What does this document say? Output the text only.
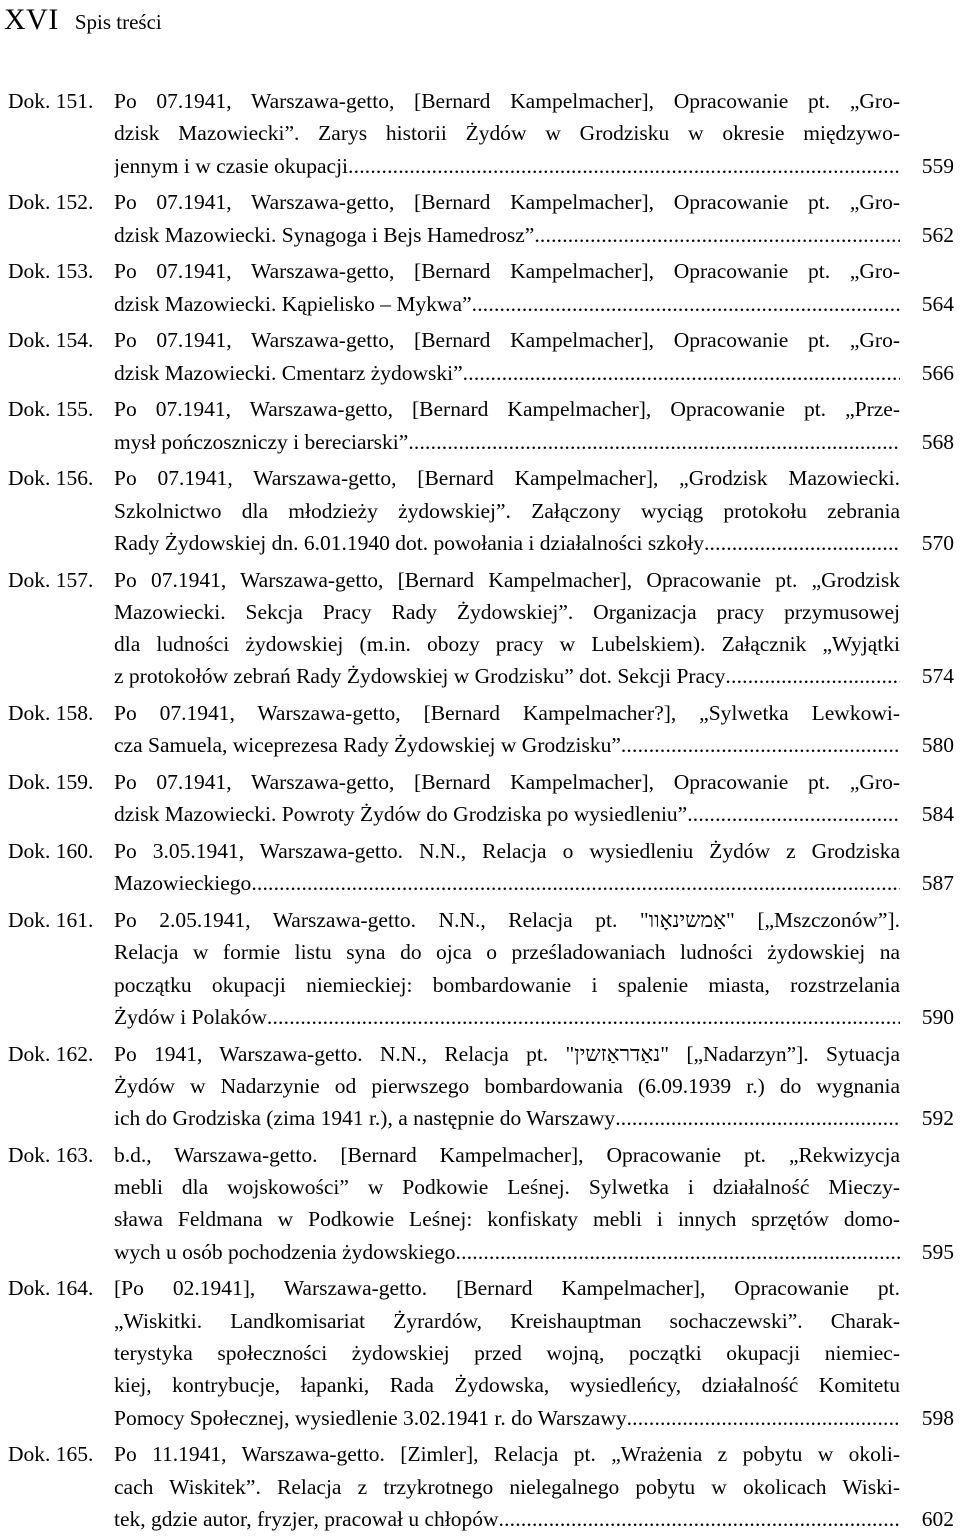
XVI Spis treści
Dok. 151. Po 07.1941, Warszawa-getto, [Bernard Kampelmacher], Opracowanie pt. „Gro-
dzisk Mazowiecki”. Zarys historii Żydów w Grodzisku w okresie międzywo-
jennym i w czasie okupacji .....	559
Dok. 152. Po 07.1941, Warszawa-getto, [Bernard Kampelmacher], Opracowanie pt. „Gro-
dzisk Mazowiecki. Synagoga i Bejs Hamedrosz” .....	562
Dok. 153. Po 07.1941, Warszawa-getto, [Bernard Kampelmacher], Opracowanie pt. „Gro-
dzisk Mazowiecki. Kąpielisko – Mykwa” .....	564
Dok. 154. Po 07.1941, Warszawa-getto, [Bernard Kampelmacher], Opracowanie pt. „Gro-
dzisk Mazowiecki. Cmentarz żydowski” .....	566
Dok. 155. Po 07.1941, Warszawa-getto, [Bernard Kampelmacher], Opracowanie pt. „Prze-
mysł pończoszniczy i bereciarski” .....	568
Dok. 156. Po 07.1941, Warszawa-getto, [Bernard Kampelmacher], „Grodzisk Mazowiecki.
Szkolnictwo dla młodzieży żydowskiej”. Załączony wyciąg protokołu zebrania
Rady Żydowskiej dn. 6.01.1940 dot. powołania i działalności szkoły .....	570
Dok. 157. Po 07.1941, Warszawa-getto, [Bernard Kampelmacher], Opracowanie pt. „Grodzisk
Mazowiecki. Sekcja Pracy Rady Żydowskiej”. Organizacja pracy przymusowej
dla ludności żydowskiej (m.in. obozy pracy w Lubelskiem). Załącznik „Wyjątki
z protokołów zebrań Rady Żydowskiej w Grodzisku” dot. Sekcji Pracy .....	574
Dok. 158. Po 07.1941, Warszawa-getto, [Bernard Kampelmacher?], „Sylwetka Lewkowi-
cza Samuela, wiceprezesa Rady Żydowskiej w Grodzisku” .....	580
Dok. 159. Po 07.1941, Warszawa-getto, [Bernard Kampelmacher], Opracowanie pt. „Gro-
dzisk Mazowiecki. Powroty Żydów do Grodziska po wysiedleniu” .....	584
Dok. 160. Po 3.05.1941, Warszawa-getto. N.N., Relacja o wysiedleniu Żydów z Grodziska
Mazowieckiego .....	587
Dok. 161. Po 2.05.1941, Warszawa-getto. N.N., Relacja pt. "אַמשינאָוו" [„Mszczonów”].
Relacja w formie listu syna do ojca o prześladowaniach ludności żydowskiej na
początku okupacji niemieckiej: bombardowanie i spalenie miasta, rozstrzelania
Żydów i Polaków .....	590
Dok. 162. Po 1941, Warszawa-getto. N.N., Relacja pt. "נאַדראַזשין" [„Nadarzyn”]. Sytuacja
Żydów w Nadarzynie od pierwszego bombardowania (6.09.1939 r.) do wygnania
ich do Grodziska (zima 1941 r.), a następnie do Warszawy .....	592
Dok. 163. b.d., Warszawa-getto. [Bernard Kampelmacher], Opracowanie pt. „Rekwizycja
mebli dla wojskowości” w Podkowie Leśnej. Sylwetka i działalność Mieczy-
sława Feldmana w Podkowie Leśnej: konfiskaty mebli i innych sprzętów domo-
wych u osób pochodzenia żydowskiego .....	595
Dok. 164. [Po 02.1941], Warszawa-getto. [Bernard Kampelmacher], Opracowanie pt.
„Wiskitki. Landkomisariat Żyrardów, Kreishauptman sochaczewski”. Charak-
terystyka społeczności żydowskiej przed wojną, początki okupacji niemiec-
kiej, kontrybucje, łapanki, Rada Żydowska, wysiedleńcy, działalność Komitetu
Pomocy Społecznej, wysiedlenie 3.02.1941 r. do Warszawy .....	598
Dok. 165. Po 11.1941, Warszawa-getto. [Zimler], Relacja pt. „Wrażenia z pobytu w okoli-
cach Wiskitek”. Relacja z trzykrotnego nielegalnego pobytu w okolicach Wiski-
tek, gdzie autor, fryzjer, pracował u chłopów .....	602
